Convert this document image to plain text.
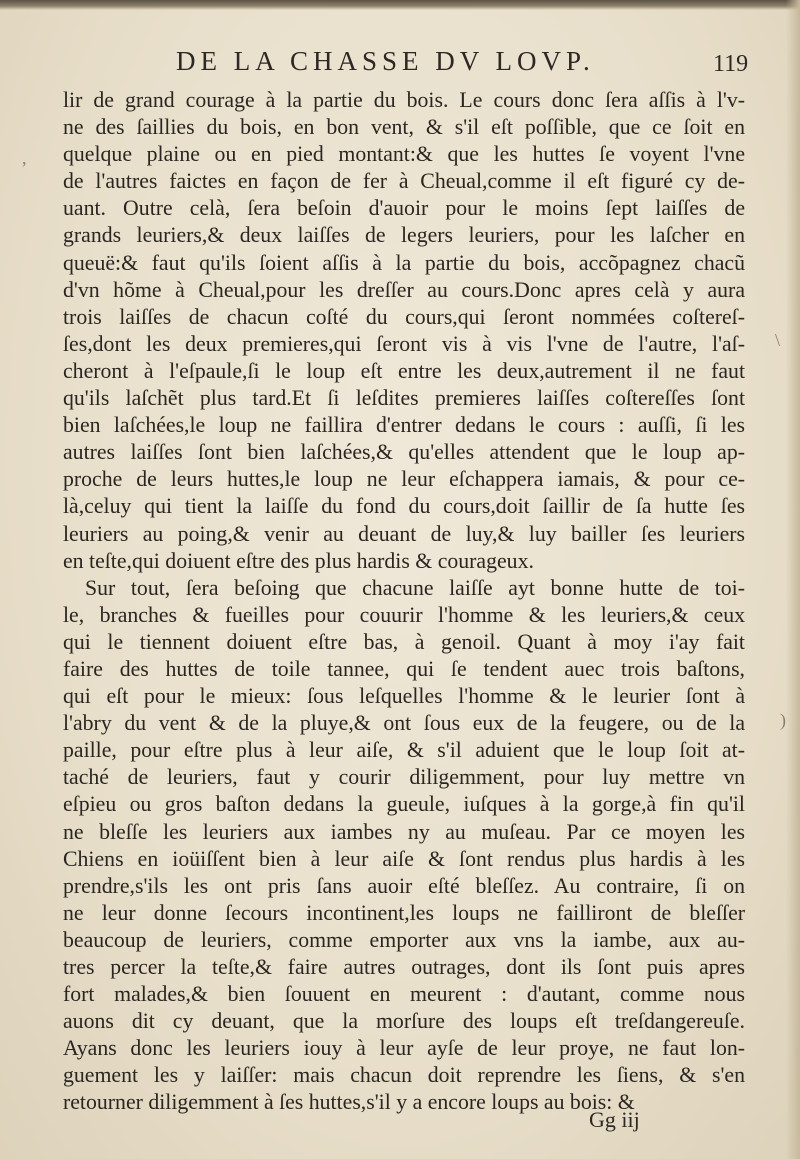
DE LA CHASSE DV LOVP.	119
lir de grand courage à la partie du bois. Le cours donc ſera aſſis à l'v-
ne des ſaillies du bois, en bon vent, & s'il eſt poſſible, que ce ſoit en
quelque plaine ou en pied montant:& que les huttes ſe voyent l'vne
de l'autres faictes en façon de fer à Cheual,comme il eſt figuré cy de-
uant. Outre celà, ſera beſoin d'auoir pour le moins ſept laiſſes de
grands leuriers,& deux laiſſes de legers leuriers, pour les laſcher en
queuë:& faut qu'ils ſoient aſſis à la partie du bois, accõpagnez chacũ
d'vn hõme à Cheual,pour les dreſſer au cours.Donc apres celà y aura
trois laiſſes de chacun coſté du cours,qui ſeront nommées coſtereſ-
ſes,dont les deux premieres,qui ſeront vis à vis l'vne de l'autre, l'aſ-
cheront à l'eſpaule,ſi le loup eſt entre les deux,autrement il ne faut
qu'ils laſchẽt plus tard.Et ſi leſdites premieres laiſſes coſtereſſes ſont
bien laſchées,le loup ne faillira d'entrer dedans le cours : auſſi, ſi les
autres laiſſes ſont bien laſchées,& qu'elles attendent que le loup ap-
proche de leurs huttes,le loup ne leur eſchappera iamais, & pour ce-
là,celuy qui tient la laiſſe du fond du cours,doit ſaillir de ſa hutte ſes
leuriers au poing,& venir au deuant de luy,& luy bailler ſes leuriers
en teſte,qui doiuent eſtre des plus hardis & courageux.
Sur tout, ſera beſoing que chacune laiſſe ayt bonne hutte de toi-
le, branches & fueilles pour couurir l'homme & les leuriers,& ceux
qui le tiennent doiuent eſtre bas, à genoil. Quant à moy i'ay fait
faire des huttes de toile tannee, qui ſe tendent auec trois baſtons,
qui eſt pour le mieux: ſous leſquelles l'homme & le leurier ſont à
l'abry du vent & de la pluye,& ont ſous eux de la feugere, ou de la
paille, pour eſtre plus à leur aiſe, & s'il aduient que le loup ſoit at-
taché de leuriers, faut y courir diligemment, pour luy mettre vn
eſpieu ou gros baſton dedans la gueule, iuſques à la gorge,à fin qu'il
ne bleſſe les leuriers aux iambes ny au muſeau. Par ce moyen les
Chiens en ioüiſſent bien à leur aiſe & ſont rendus plus hardis à les
prendre,s'ils les ont pris ſans auoir eſté bleſſez. Au contraire, ſi on
ne leur donne ſecours incontinent,les loups ne failliront de bleſſer
beaucoup de leuriers, comme emporter aux vns la iambe, aux au-
tres percer la teſte,& faire autres outrages, dont ils ſont puis apres
fort malades,& bien ſouuent en meurent : d'autant, comme nous
auons dit cy deuant, que la morſure des loups eſt treſdangereuſe.
Ayans donc les leuriers iouy à leur ayſe de leur proye, ne faut lon-
guement les y laiſſer: mais chacun doit reprendre les ſiens, & s'en
retourner diligemment à ſes huttes,s'il y a encore loups au bois: &
Gg iij
,
\
)
